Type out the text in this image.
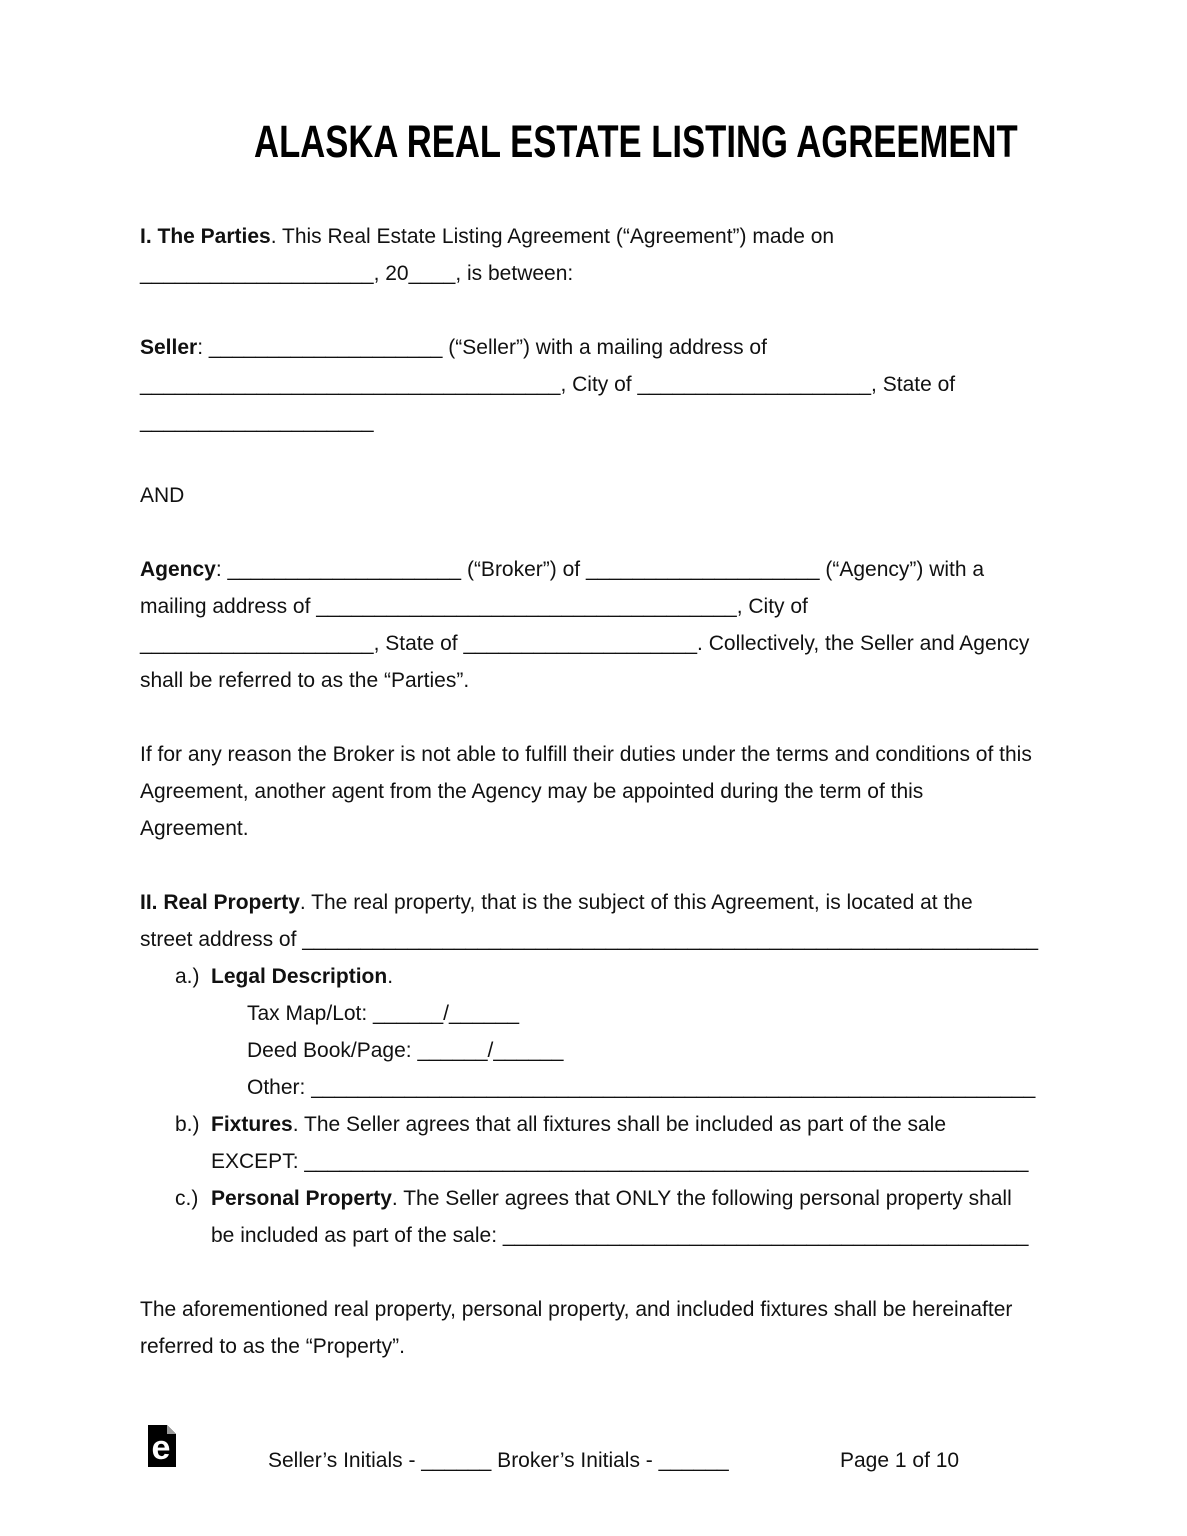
ALASKA REAL ESTATE LISTING AGREEMENT
I. The Parties. This Real Estate Listing Agreement (“Agreement”) made on
____________________, 20____, is between:
Seller: ____________________ (“Seller”) with a mailing address of
____________________________________, City of ____________________, State of
____________________
AND
Agency: ____________________ (“Broker”) of ____________________ (“Agency”) with a
mailing address of ____________________________________, City of
____________________, State of ____________________. Collectively, the Seller and Agency
shall be referred to as the “Parties”.
If for any reason the Broker is not able to fulfill their duties under the terms and conditions of this
Agreement, another agent from the Agency may be appointed during the term of this
Agreement.
II. Real Property. The real property, that is the subject of this Agreement, is located at the
street address of _______________________________________________________________
a.) Legal Description.
Tax Map/Lot: ______/______
Deed Book/Page: ______/______
Other: ______________________________________________________________
b.) Fixtures. The Seller agrees that all fixtures shall be included as part of the sale
EXCEPT: ______________________________________________________________
c.) Personal Property. The Seller agrees that ONLY the following personal property shall
be included as part of the sale: _____________________________________________
The aforementioned real property, personal property, and included fixtures shall be hereinafter
referred to as the “Property”.
e	Seller’s Initials - ______ Broker’s Initials - ______	Page 1 of 10
